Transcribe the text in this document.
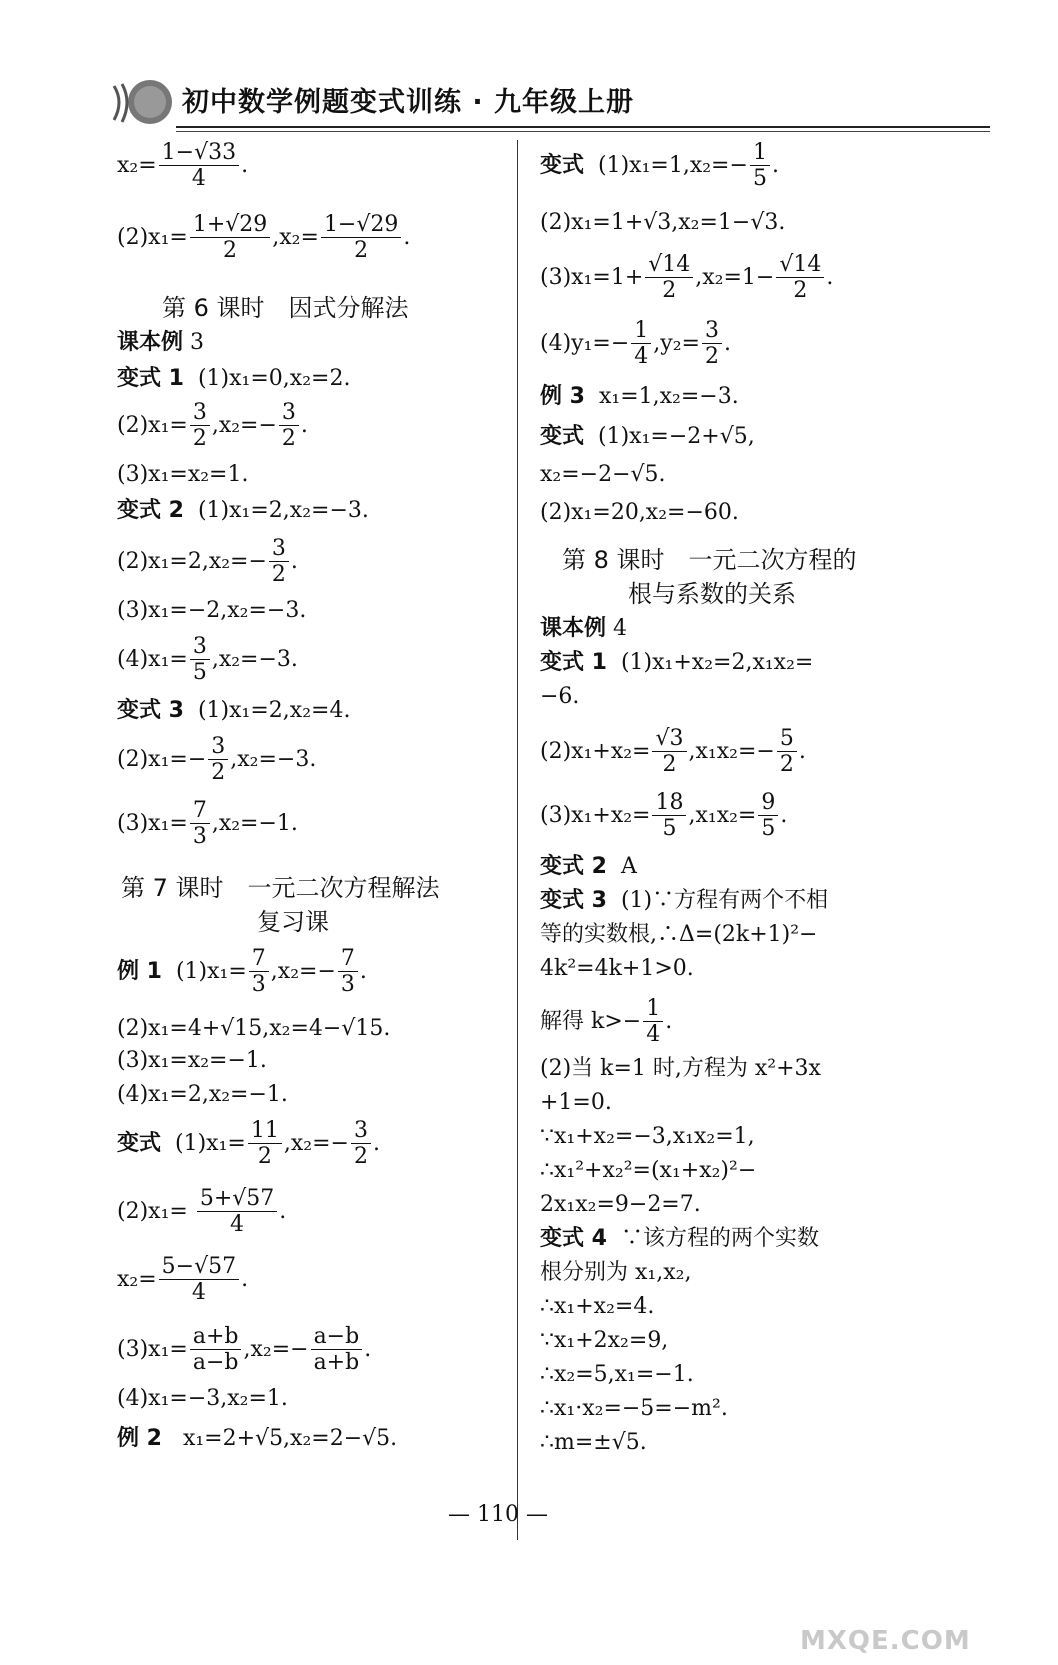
初中数学例题变式训练 · 九年级上册
$x_2= \frac{1-√33}{4}$ .
$(2)x_1= \frac{1+√29}{2} ,x_2= \frac{1-√29}{2}$ .
第 6 课时　因式分解法
课本例 3
变式 1 (1)x₁=0,x₂=2.
$(2)x_1= \frac{3}{2} ,x_2=- \frac{3}{2}$ .
(3)x₁=x₂=1.
变式 2 (1)x₁=2,x₂=−3.
$(2)x_1=2,x_2=- \frac{3}{2}$ .
(3)x₁=−2,x₂=−3.
$(4)x_1= \frac{3}{5} ,x_2=-3$.
变式 3 (1)x₁=2,x₂=4.
$(2)x_1=- \frac{3}{2} ,x_2=-3$.
$(3)x_1= \frac{7}{3} ,x_2=-1$.
第 7 课时　一元二次方程解法
复习课
例 1 $(1)x_1= \frac{7}{3} ,x_2=- \frac{7}{3}$ .
(2)x₁=4+√15,x₂=4−√15.
(3)x₁=x₂=−1.
(4)x₁=2,x₂=−1.
变式 $(1)x_1= \frac{11}{2} ,x_2=- \frac{3}{2}$ .
$(2)x_1= \frac{5+√57}{4}$ .
$x_2= \frac{5-√57}{4}$ .
$(3)x_1= \frac{a+b}{a-b} ,x_2=- \frac{a-b}{a+b}$ .
(4)x₁=−3,x₂=1.
例 2 x₁=2+√5,x₂=2−√5.
变式 $(1)x_1=1,x_2=- \frac{1}{5}$ .
(2)x₁=1+√3,x₂=1−√3.
$(3)x_1=1+ \frac{√14}{2} ,x_2=1- \frac{√14}{2}$ .
$(4)y_1=- \frac{1}{4} ,y_2= \frac{3}{2}$ .
例 3 x₁=1,x₂=−3.
变式 (1)x₁=−2+√5,
x₂=−2−√5.
(2)x₁=20,x₂=−60.
第 8 课时　一元二次方程的
根与系数的关系
课本例 4
变式 1 (1)x₁+x₂=2,x₁x₂=
−6.
$(2)x_1+x_2= \frac{√3}{2} ,x_1x_2=- \frac{5}{2}$ .
$(3)x_1+x_2= \frac{18}{5} ,x_1x_2= \frac{9}{5}$ .
变式 2 A
变式 3 (1)∵方程有两个不相
等的实数根,∴Δ=(2k+1)²−
4k²=4k+1>0.
解得 $k>- \frac{1}{4}$ .
(2)当 k=1 时,方程为 x²+3x
+1=0.
∵x₁+x₂=−3,x₁x₂=1,
∴x₁²+x₂²=(x₁+x₂)²−
2x₁x₂=9−2=7.
变式 4 ∵该方程的两个实数
根分别为 x₁,x₂,
∴x₁+x₂=4.
∵x₁+2x₂=9,
∴x₂=5,x₁=−1.
∴x₁·x₂=−5=−m².
∴m=±√5.
— 110 —
MXQE.COM
